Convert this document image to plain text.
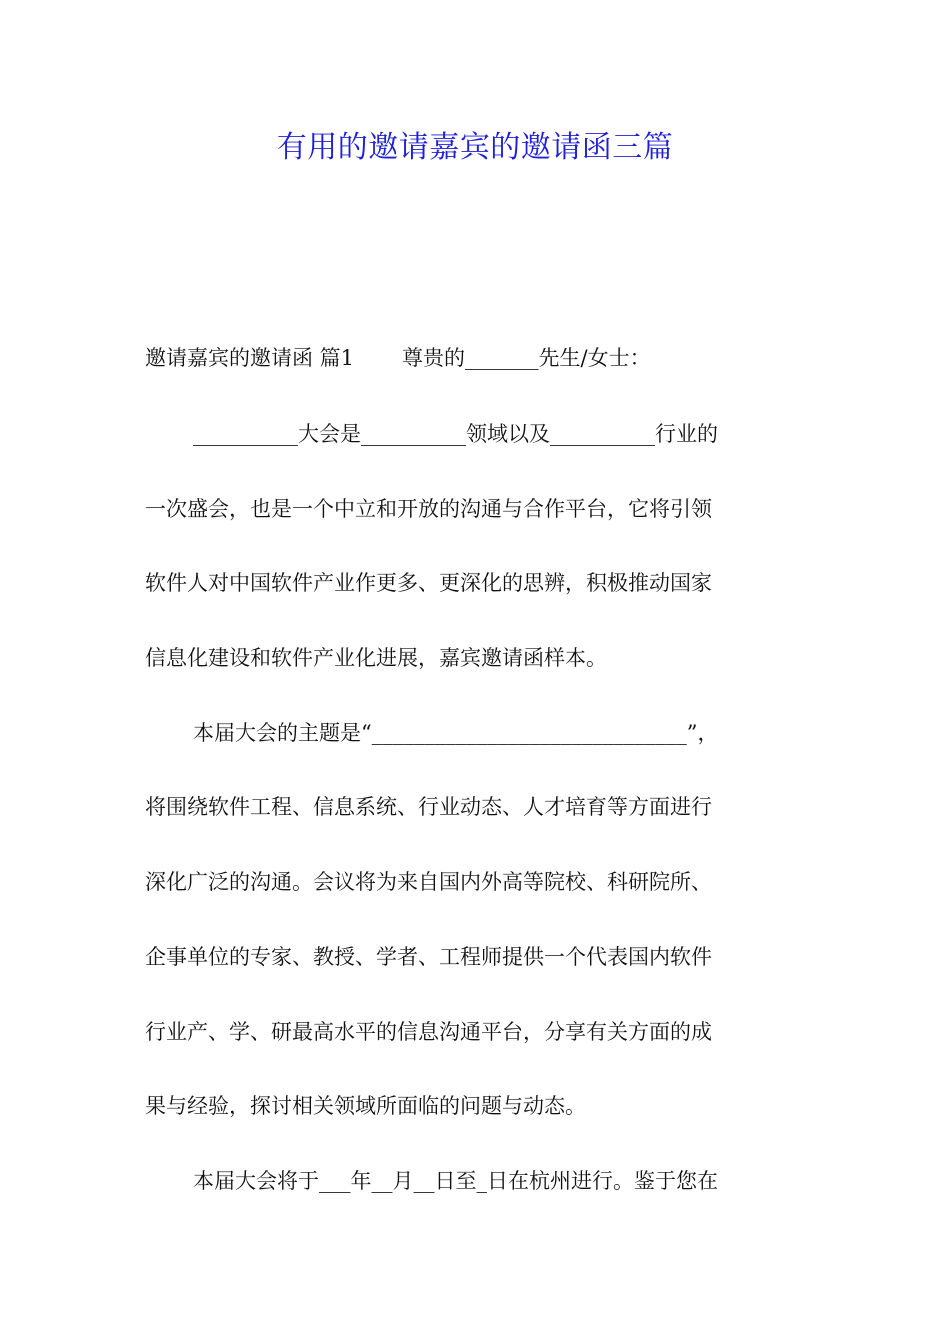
有用的邀请嘉宾的邀请函三篇

邀请嘉宾的邀请函 篇1 尊贵的_______先生/女士：

__________大会是__________领域以及__________行业的

一次盛会，也是一个中立和开放的沟通与合作平台，它将引领

软件人对中国软件产业作更多、更深化的思辨，积极推动国家

信息化建设和软件产业化进展，嘉宾邀请函样本。

本届大会的主题是“______________________________”，

将围绕软件工程、信息系统、行业动态、人才培育等方面进行

深化广泛的沟通。会议将为来自国内外高等院校、科研院所、

企事单位的专家、教授、学者、工程师提供一个代表国内软件

行业产、学、研最高水平的信息沟通平台，分享有关方面的成

果与经验，探讨相关领域所面临的问题与动态。

本届大会将于___年__月__日至_日在杭州进行。鉴于您在
